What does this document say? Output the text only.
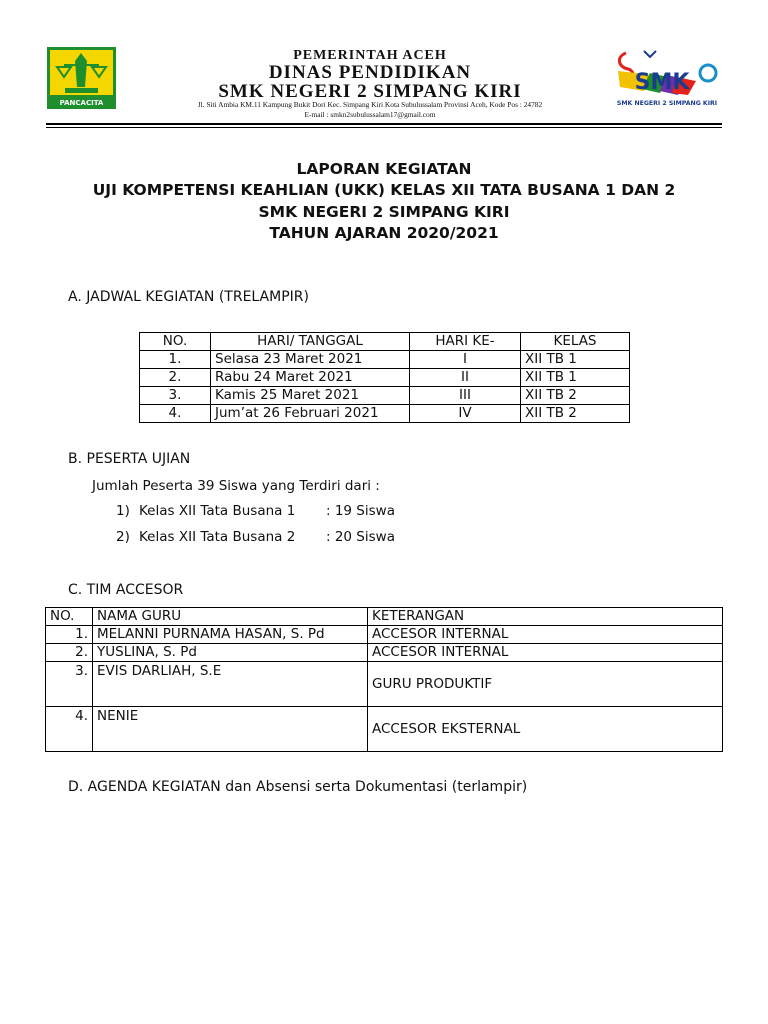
PANCACITA
SMK
SMK NEGERI 2 SIMPANG KIRI
PEMERINTAH ACEH
DINAS PENDIDIKAN
SMK NEGERI 2 SIMPANG KIRI
Jl. Siti Ambia KM.11 Kampung Bukit Dori Kec. Simpang Kiri Kota Subulussalam Provinsi Aceh, Kode Pos : 24782
E-mail : smkn2subulussalam17@gmail.com
LAPORAN KEGIATAN
UJI KOMPETENSI KEAHLIAN (UKK) KELAS XII TATA BUSANA 1 DAN 2
SMK NEGERI 2 SIMPANG KIRI
TAHUN AJARAN 2020/2021
A. JADWAL KEGIATAN (TRELAMPIR)
NO.	HARI/ TANGGAL	HARI KE-	KELAS
1.	Selasa 23 Maret 2021	I	XII TB 1
2.	Rabu 24 Maret 2021	II	XII TB 1
3.	Kamis 25 Maret 2021	III	XII TB 2
4.	Jum’at 26 Februari 2021	IV	XII TB 2
B. PESERTA UJIAN
Jumlah Peserta 39 Siswa yang Terdiri dari :
1) Kelas XII Tata Busana 1 : 19 Siswa
2) Kelas XII Tata Busana 2 : 20 Siswa
C. TIM ACCESOR
NO.	NAMA GURU	KETERANGAN
1.	MELANNI PURNAMA HASAN, S. Pd	ACCESOR INTERNAL
2.	YUSLINA, S. Pd	ACCESOR INTERNAL
3.	EVIS DARLIAH, S.E	GURU PRODUKTIF
4.	NENIE	ACCESOR EKSTERNAL
D. AGENDA KEGIATAN dan Absensi serta Dokumentasi (terlampir)
